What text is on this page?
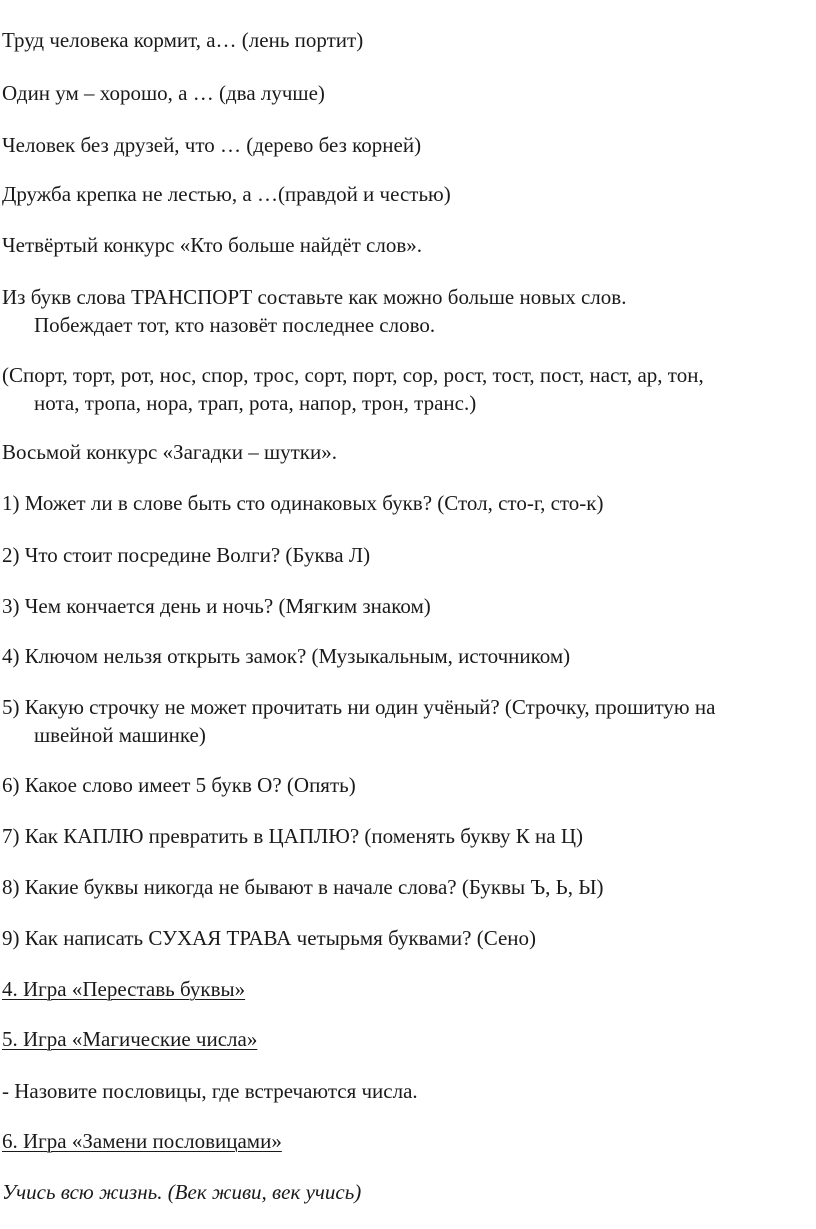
Труд человека кормит, а… (лень портит)
Один ум – хорошо, а … (два лучше)
Человек без друзей, что … (дерево без корней)
Дружба крепка не лестью, а …(правдой и честью)
Четвёртый конкурс «Кто больше найдёт слов».
Из букв слова ТРАНСПОРТ составьте как можно больше новых слов.
Побеждает тот, кто назовёт последнее слово.
(Спорт, торт, рот, нос, спор, трос, сорт, порт, сор, рост, тост, пост, наст, ар, тон,
нота, тропа, нора, трап, рота, напор, трон, транс.)
Восьмой конкурс «Загадки – шутки».
1) Может ли в слове быть сто одинаковых букв? (Стол, сто-г, сто-к)
2) Что стоит посредине Волги? (Буква Л)
3) Чем кончается день и ночь? (Мягким знаком)
4) Ключом нельзя открыть замок? (Музыкальным, источником)
5) Какую строчку не может прочитать ни один учёный? (Строчку, прошитую на
швейной машинке)
6) Какое слово имеет 5 букв О? (Опять)
7) Как КАПЛЮ превратить в ЦАПЛЮ? (поменять букву К на Ц)
8) Какие буквы никогда не бывают в начале слова? (Буквы Ъ, Ь, Ы)
9) Как написать СУХАЯ ТРАВА четырьмя буквами? (Сено)
4. Игра «Переставь буквы»
5. Игра «Магические числа»
- Назовите пословицы, где встречаются числа.
6. Игра «Замени пословицами»
Учись всю жизнь. (Век живи, век учись)
